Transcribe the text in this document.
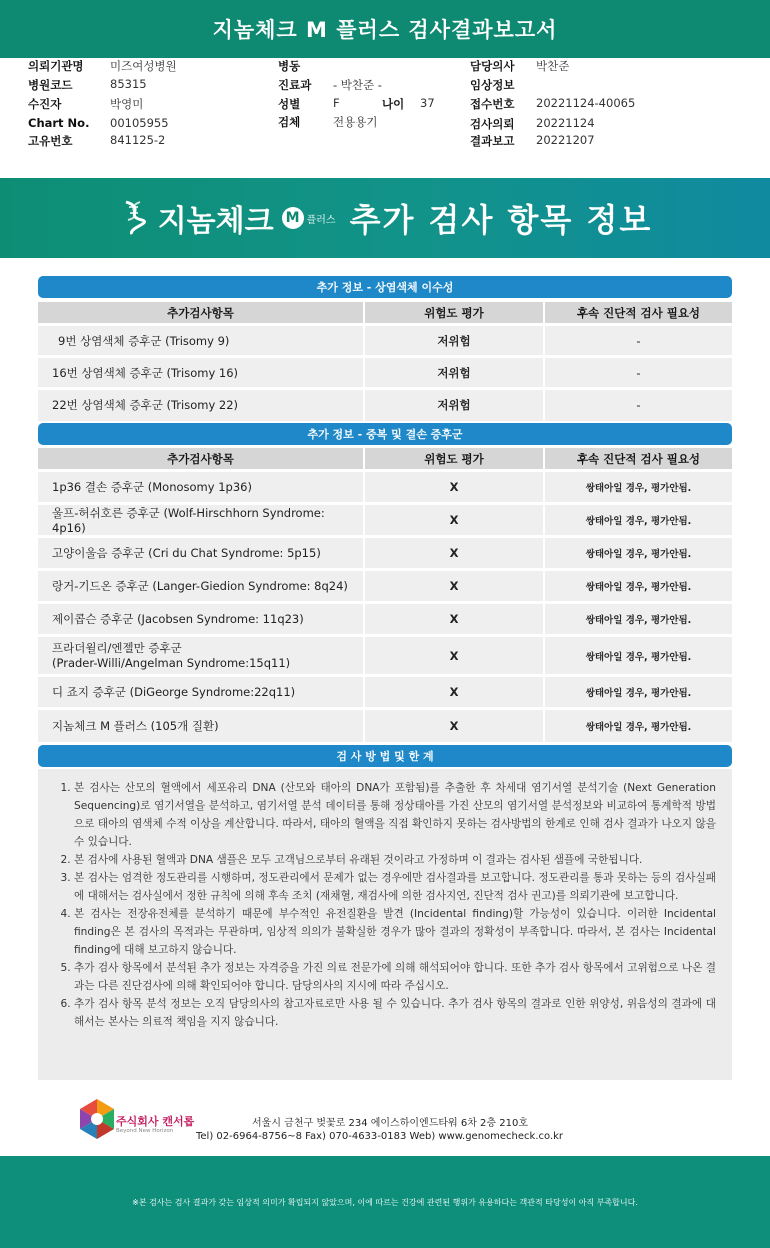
지놈체크 M 플러스 검사결과보고서
의뢰기관명 미즈여성병원
병원코드	85315
수진자	박영미
Chart No. 00105955
고유번호	841125-2
병동
진료과 - 박찬준 -
성별	F	나이 37
검체	전용용기
담당의사 박찬준
임상정보
접수번호 20221124-40065
검사의뢰 20221124
결과보고 20221207
지놈체크 M 플러스 추가 검사 항목 정보
추가 정보 - 상염색체 이수성
추가검사항목	위험도 평가	후속 진단적 검사 필요성
9번 상염색체 증후군 (Trisomy 9)	저위험	-
16번 상염색체 증후군 (Trisomy 16)	저위험	-
22번 상염색체 증후군 (Trisomy 22)	저위험	-
추가 정보 - 중복 및 결손 증후군
추가검사항목	위험도 평가	후속 진단적 검사 필요성
1p36 결손 증후군 (Monosomy 1p36)	X	쌍태아일 경우, 평가안됨.
울프-허쉬호른 증후군 (Wolf-Hirschhorn Syndrome: 4p16)	X	쌍태아일 경우, 평가안됨.
고양이울음 증후군 (Cri du Chat Syndrome: 5p15)	X	쌍태아일 경우, 평가안됨.
랑거-기드온 증후군 (Langer-Giedion Syndrome: 8q24)	X	쌍태아일 경우, 평가안됨.
제이콥슨 증후군 (Jacobsen Syndrome: 11q23)	X	쌍태아일 경우, 평가안됨.

프라더윌리/엔젤만 증후군
(Prader-Willi/Angelman Syndrome:15q11)	X	쌍태아일 경우, 평가안됨.
디 죠지 증후군 (DiGeorge Syndrome:22q11)	X	쌍태아일 경우, 평가안됨.
지놈체크 M 플러스 (105개 질환)	X	쌍태아일 경우, 평가안됨.
검 사 방 법 및 한 계
1. 본 검사는 산모의 혈액에서 세포유리 DNA (산모와 태아의 DNA가 포함됨)를 추출한 후 차세대 염기서열 분석기술 (Next Generation Sequencing)로 염기서열을 분석하고, 염기서열 분석 데이터를 통해 정상태아를 가진 산모의 염기서열 분석정보와 비교하여 통계학적 방법으로 태아의 염색체 수적 이상을 계산합니다. 따라서, 태아의 혈액을 직접 확인하지 못하는 검사방법의 한계로 인해 검사 결과가 나오지 않을 수 있습니다.
2. 본 검사에 사용된 혈액과 DNA 샘플은 모두 고객님으로부터 유래된 것이라고 가정하며 이 결과는 검사된 샘플에 국한됩니다.
3. 본 검사는 엄격한 정도관리를 시행하며, 정도관리에서 문제가 없는 경우에만 검사결과를 보고합니다. 정도관리를 통과 못하는 등의 검사실패에 대해서는 검사실에서 정한 규칙에 의해 후속 조치 (재채혈, 재검사에 의한 검사지연, 진단적 검사 권고)를 의뢰기관에 보고합니다.
4. 본 검사는 전장유전체를 분석하기 때문에 부수적인 유전질환을 발견 (Incidental finding)할 가능성이 있습니다. 이러한 Incidental finding은 본 검사의 목적과는 무관하며, 임상적 의의가 불확실한 경우가 많아 결과의 정확성이 부족합니다. 따라서, 본 검사는 Incidental finding에 대해 보고하지 않습니다.
5. 추가 검사 항목에서 분석된 추가 정보는 자격증을 가진 의료 전문가에 의해 해석되어야 합니다. 또한 추가 검사 항목에서 고위험으로 나온 결과는 다른 진단검사에 의해 확인되어야 합니다. 담당의사의 지시에 따라 주십시오.
6. 추가 검사 항목 분석 정보는 오직 담당의사의 참고자료로만 사용 될 수 있습니다. 추가 검사 항목의 결과로 인한 위양성, 위음성의 결과에 대해서는 본사는 의료적 책임을 지지 않습니다.
주식회사 캔서롭
Beyond New Horizon
서울시 금천구 벚꽃로 234 에이스하이엔드타워 6차 2층 210호
Tel) 02-6964-8756~8 Fax) 070-4633-0183 Web) www.genomecheck.co.kr
※본 검사는 검사 결과가 갖는 임상적 의미가 확립되지 않았으며, 이에 따르는 건강에 관련된 행위가 유용하다는 객관적 타당성이 아직 부족합니다.
